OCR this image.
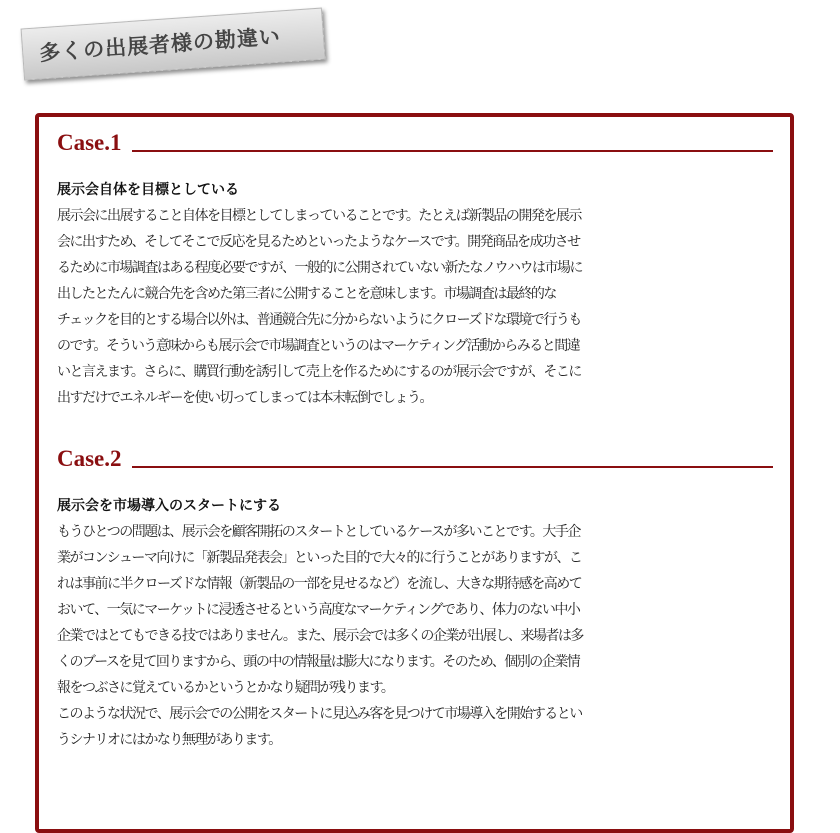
多くの出展者様の勘違い
Case.1
展示会自体を目標としている
展示会に出展すること自体を目標としてしまっていることです。たとえば新製品の開発を展示
会に出すため、そしてそこで反応を見るためといったようなケースです。開発商品を成功させ
るために市場調査はある程度必要ですが、一般的に公開されていない新たなノウハウは市場に
出したとたんに競合先を含めた第三者に公開することを意味します。市場調査は最終的な
チェックを目的とする場合以外は、普通競合先に分からないようにクローズドな環境で行うも
のです。そういう意味からも展示会で市場調査というのはマーケティング活動からみると間違
いと言えます。さらに、購買行動を誘引して売上を作るためにするのが展示会ですが、そこに
出すだけでエネルギーを使い切ってしまっては本末転倒でしょう。
Case.2
展示会を市場導入のスタートにする
もうひとつの問題は、展示会を顧客開拓のスタートとしているケースが多いことです。大手企
業がコンシューマ向けに「新製品発表会」といった目的で大々的に行うことがありますが、こ
れは事前に半クローズドな情報（新製品の一部を見せるなど）を流し、大きな期待感を高めて
おいて、一気にマーケットに浸透させるという高度なマーケティングであり、体力のない中小
企業ではとてもできる技ではありません。また、展示会では多くの企業が出展し、来場者は多
くのブースを見て回りますから、頭の中の情報量は膨大になります。そのため、個別の企業情
報をつぶさに覚えているかというとかなり疑問が残ります。
このような状況で、展示会での公開をスタートに見込み客を見つけて市場導入を開始するとい
うシナリオにはかなり無理があります。
